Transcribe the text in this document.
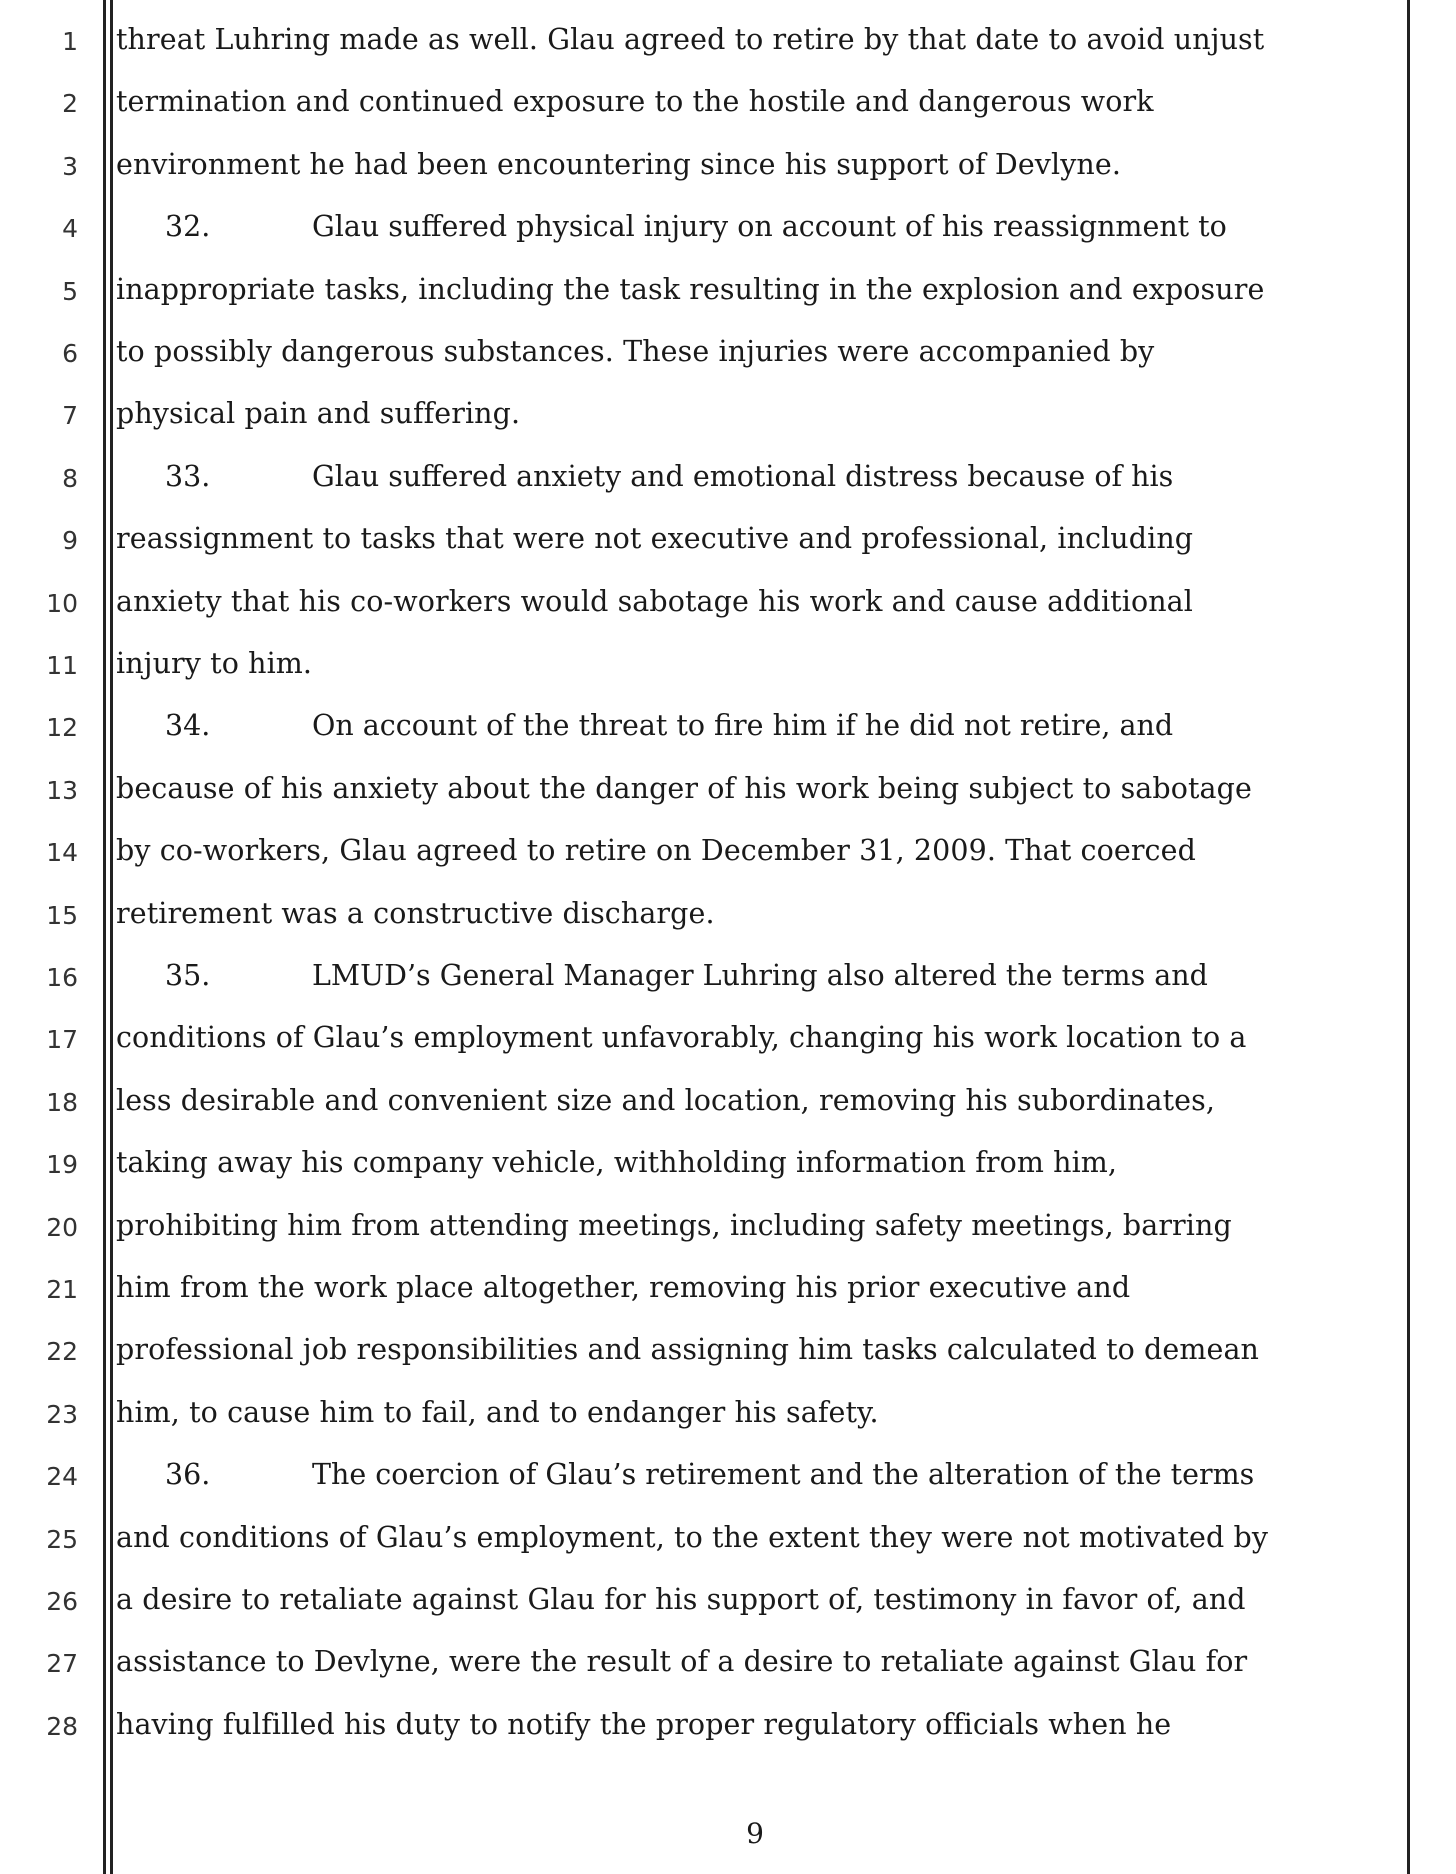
1
2
3
4
5
6
7
8
9
10
11
12
13
14
15
16
17
18
19
20
21
22
23
24
25
26
27
28
threat Luhring made as well. Glau agreed to retire by that date to avoid unjust
termination and continued exposure to the hostile and dangerous work
environment he had been encountering since his support of Devlyne.
32.	Glau suffered physical injury on account of his reassignment to
inappropriate tasks, including the task resulting in the explosion and exposure
to possibly dangerous substances. These injuries were accompanied by
physical pain and suffering.
33.	Glau suffered anxiety and emotional distress because of his
reassignment to tasks that were not executive and professional, including
anxiety that his co-workers would sabotage his work and cause additional
injury to him.
34.	On account of the threat to fire him if he did not retire, and
because of his anxiety about the danger of his work being subject to sabotage
by co-workers, Glau agreed to retire on December 31, 2009. That coerced
retirement was a constructive discharge.
35.	LMUD’s General Manager Luhring also altered the terms and
conditions of Glau’s employment unfavorably, changing his work location to a
less desirable and convenient size and location, removing his subordinates,
taking away his company vehicle, withholding information from him,
prohibiting him from attending meetings, including safety meetings, barring
him from the work place altogether, removing his prior executive and
professional job responsibilities and assigning him tasks calculated to demean
him, to cause him to fail, and to endanger his safety.
36.	The coercion of Glau’s retirement and the alteration of the terms
and conditions of Glau’s employment, to the extent they were not motivated by
a desire to retaliate against Glau for his support of, testimony in favor of, and
assistance to Devlyne, were the result of a desire to retaliate against Glau for
having fulfilled his duty to notify the proper regulatory officials when he
9
